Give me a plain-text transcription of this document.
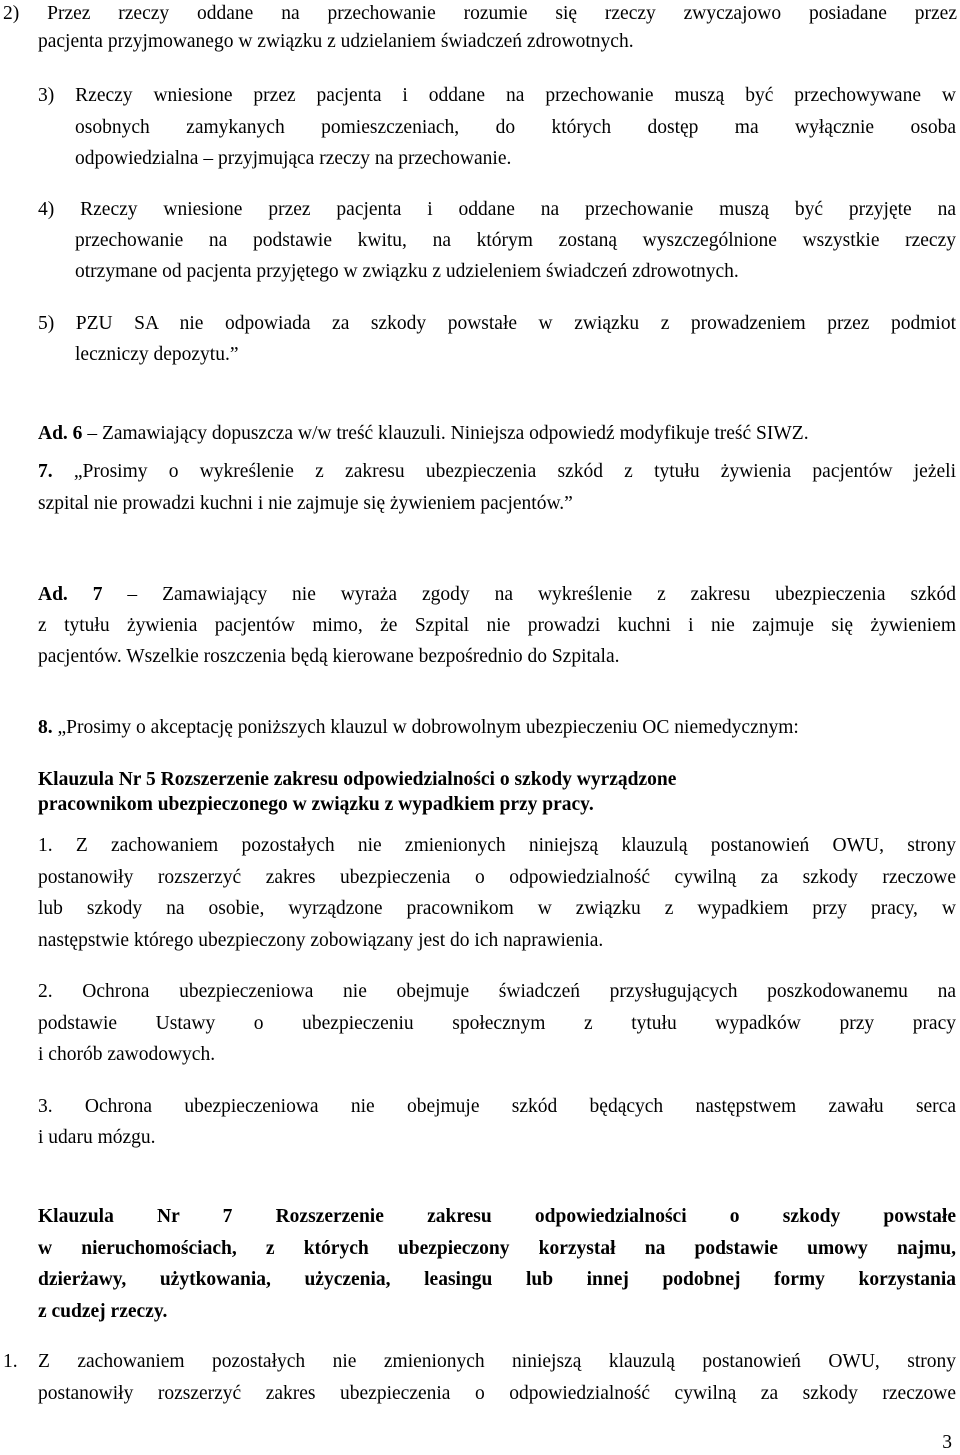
2) Przez rzeczy oddane na przechowanie rozumie się rzeczy zwyczajowo posiadane przez
pacjenta przyjmowanego w związku z udzielaniem świadczeń zdrowotnych.
3) Rzeczy wniesione przez pacjenta i oddane na przechowanie muszą być przechowywane w
osobnych zamykanych pomieszczeniach, do których dostęp ma wyłącznie osoba
odpowiedzialna – przyjmująca rzeczy na przechowanie.
4) Rzeczy wniesione przez pacjenta i oddane na przechowanie muszą być przyjęte na
przechowanie na podstawie kwitu, na którym zostaną wyszczególnione wszystkie rzeczy
otrzymane od pacjenta przyjętego w związku z udzieleniem świadczeń zdrowotnych.
5) PZU SA nie odpowiada za szkody powstałe w związku z prowadzeniem przez podmiot
leczniczy depozytu.”
Ad. 6 – Zamawiający dopuszcza w/w treść klauzuli. Niniejsza odpowiedź modyfikuje treść SIWZ.
7. „Prosimy o wykreślenie z zakresu ubezpieczenia szkód z tytułu żywienia pacjentów jeżeli
szpital nie prowadzi kuchni i nie zajmuje się żywieniem pacjentów.”
Ad. 7 – Zamawiający nie wyraża zgody na wykreślenie z zakresu ubezpieczenia szkód
z tytułu żywienia pacjentów mimo, że Szpital nie prowadzi kuchni i nie zajmuje się żywieniem
pacjentów. Wszelkie roszczenia będą kierowane bezpośrednio do Szpitala.
8. „Prosimy o akceptację poniższych klauzul w dobrowolnym ubezpieczeniu OC niemedycznym:
Klauzula Nr 5 Rozszerzenie zakresu odpowiedzialności o szkody wyrządzone
pracownikom ubezpieczonego w związku z wypadkiem przy pracy.
1. Z zachowaniem pozostałych nie zmienionych niniejszą klauzulą postanowień OWU, strony
postanowiły rozszerzyć zakres ubezpieczenia o odpowiedzialność cywilną za szkody rzeczowe
lub szkody na osobie, wyrządzone pracownikom w związku z wypadkiem przy pracy, w
następstwie którego ubezpieczony zobowiązany jest do ich naprawienia.
2. Ochrona ubezpieczeniowa nie obejmuje świadczeń przysługujących poszkodowanemu na
podstawie Ustawy o ubezpieczeniu społecznym z tytułu wypadków przy pracy
i chorób zawodowych.
3. Ochrona ubezpieczeniowa nie obejmuje szkód będących następstwem zawału serca
i udaru mózgu.
Klauzula Nr 7 Rozszerzenie zakresu odpowiedzialności o szkody powstałe
w nieruchomościach, z których ubezpieczony korzystał na podstawie umowy najmu,
dzierżawy, użytkowania, użyczenia, leasingu lub innej podobnej formy korzystania
z cudzej rzeczy.
1. Z zachowaniem pozostałych nie zmienionych niniejszą klauzulą postanowień OWU, strony
postanowiły rozszerzyć zakres ubezpieczenia o odpowiedzialność cywilną za szkody rzeczowe
3
